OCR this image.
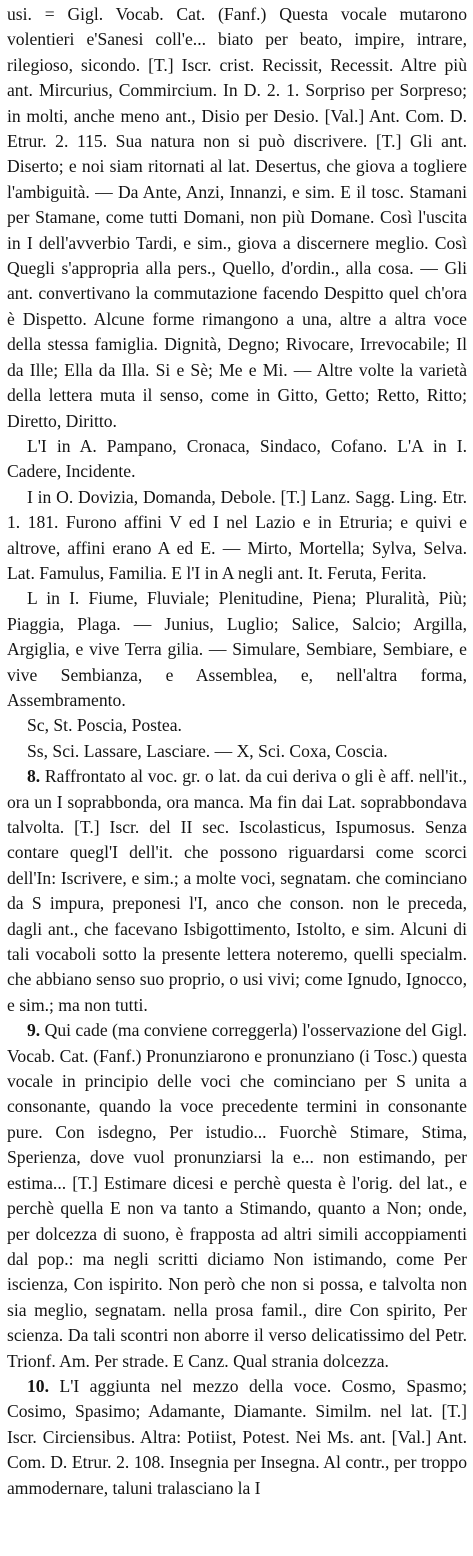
usi. = Gigl. Vocab. Cat. (Fanf.) Questa vocale mutarono volentieri e'Sanesi coll'e... biato per beato, impire, intrare, rilegioso, sicondo. [T.] Iscr. crist. Recissit, Recessit. Altre più ant. Mircurius, Commircium. In D. 2. 1. Sorpriso per Sorpreso; in molti, anche meno ant., Disio per Desio. [Val.] Ant. Com. D. Etrur. 2. 115. Sua natura non si può discrivere. [T.] Gli ant. Diserto; e noi siam ritornati al lat. Desertus, che giova a togliere l'ambiguità. — Da Ante, Anzi, Innanzi, e sim. E il tosc. Stamani per Stamane, come tutti Domani, non più Domane. Così l'uscita in I dell'avverbio Tardi, e sim., giova a discernere meglio. Così Quegli s'appropria alla pers., Quello, d'ordin., alla cosa. — Gli ant. convertivano la commutazione facendo Despitto quel ch'ora è Dispetto. Alcune forme rimangono a una, altre a altra voce della stessa famiglia. Dignità, Degno; Rivocare, Irrevocabile; Il da Ille; Ella da Illa. Si e Sè; Me e Mi. — Altre volte la varietà della lettera muta il senso, come in Gitto, Getto; Retto, Ritto; Diretto, Diritto.

L'I in A. Pampano, Cronaca, Sindaco, Cofano. L'A in I. Cadere, Incidente.

I in O. Dovizia, Domanda, Debole. [T.] Lanz. Sagg. Ling. Etr. 1. 181. Furono affini V ed I nel Lazio e in Etruria; e quivi e altrove, affini erano A ed E. — Mirto, Mortella; Sylva, Selva. Lat. Famulus, Familia. E l'I in A negli ant. It. Feruta, Ferita.

L in I. Fiume, Fluviale; Plenitudine, Piena; Pluralità, Più; Piaggia, Plaga. — Junius, Luglio; Salice, Salcio; Argilla, Argiglia, e vive Terra gilia. — Simulare, Sembiare, Sembiare, e vive Sembianza, e Assemblea, e, nell'altra forma, Assembramento.

Sc, St. Poscia, Postea.

Ss, Sci. Lassare, Lasciare. — X, Sci. Coxa, Coscia.

8. Raffrontato al voc. gr. o lat. da cui deriva o gli è aff. nell'it., ora un I soprabbonda, ora manca. Ma fin dai Lat. soprabbondava talvolta. [T.] Iscr. del II sec. Iscolasticus, Ispumosus. Senza contare quegl'I dell'it. che possono riguardarsi come scorci dell'In: Iscrivere, e sim.; a molte voci, segnatam. che cominciano da S impura, preponesi l'I, anco che conson. non le preceda, dagli ant., che facevano Isbigottimento, Istolto, e sim. Alcuni di tali vocaboli sotto la presente lettera noteremo, quelli specialm. che abbiano senso suo proprio, o usi vivi; come Ignudo, Ignocco, e sim.; ma non tutti.

9. Qui cade (ma conviene correggerla) l'osservazione del Gigl. Vocab. Cat. (Fanf.) Pronunziarono e pronunziano (i Tosc.) questa vocale in principio delle voci che cominciano per S unita a consonante, quando la voce precedente termini in consonante pure. Con isdegno, Per istudio... Fuorchè Stimare, Stima, Sperienza, dove vuol pronunziarsi la e... non estimando, per estima... [T.] Estimare dicesi e perchè questa è l'orig. del lat., e perchè quella E non va tanto a Stimando, quanto a Non; onde, per dolcezza di suono, è frapposta ad altri simili accoppiamenti dal pop.: ma negli scritti diciamo Non istimando, come Per iscienza, Con ispirito. Non però che non si possa, e talvolta non sia meglio, segnatam. nella prosa famil., dire Con spirito, Per scienza. Da tali scontri non aborre il verso delicatissimo del Petr. Trionf. Am. Per strade. E Canz. Qual strania dolcezza.

10. L'I aggiunta nel mezzo della voce. Cosmo, Spasmo; Cosimo, Spasimo; Adamante, Diamante. Similm. nel lat. [T.] Iscr. Circiensibus. Altra: Potiist, Potest. Nei Ms. ant. [Val.] Ant. Com. D. Etrur. 2. 108. Insegnia per Insegna. Al contr., per troppo ammodernare, taluni tralasciano la I
